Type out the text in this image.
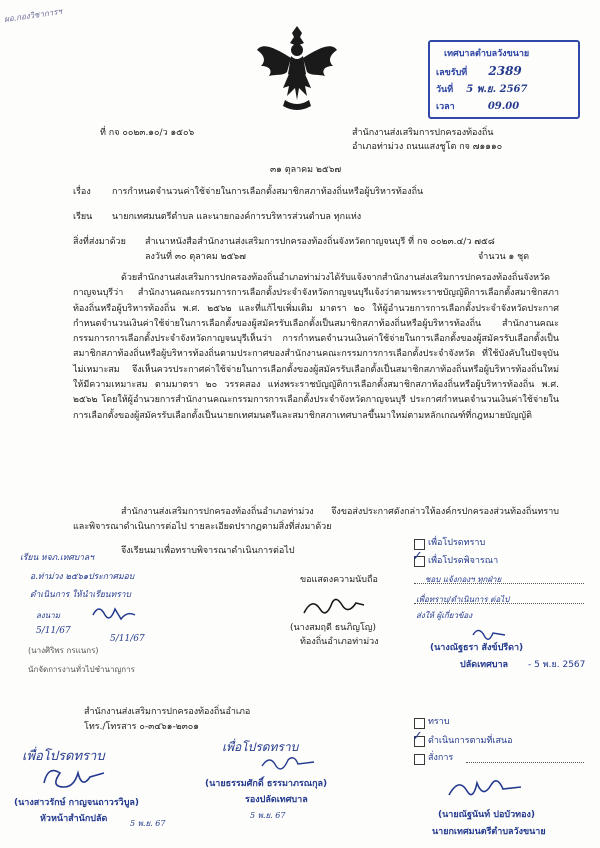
ผอ.กองวิชาการฯ
เทศบาลตำบลวังขนาย
เลขรับที่ 2389
วันที่ 5 พ.ย. 2567
เวลา	09.00
ที่ กจ ๐๐๒๓.๑๐/ว ๑๕๐๖	สำนักงานส่งเสริมการปกครองท้องถิ่น
อำเภอท่าม่วง ถนนแสงชูโต กจ ๗๑๑๑๐
๓๑ ตุลาคม ๒๕๖๗
เรื่อง การกำหนดจำนวนค่าใช้จ่ายในการเลือกตั้งสมาชิกสภาท้องถิ่นหรือผู้บริหารท้องถิ่น
เรียน นายกเทศมนตรีตำบล และนายกองค์การบริหารส่วนตำบล ทุกแห่ง
สิ่งที่ส่งมาด้วย สำเนาหนังสือสำนักงานส่งเสริมการปกครองท้องถิ่นจังหวัดกาญจนบุรี ที่ กจ ๐๐๒๓.๔/ว ๗๕๘
ลงวันที่ ๓๐ ตุลาคม ๒๕๖๗	จำนวน ๑ ชุด
ด้วยสำนักงานส่งเสริมการปกครองท้องถิ่นอำเภอท่าม่วงได้รับแจ้งจากสำนักงานส่งเสริมการปกครองท้องถิ่นจังหวัดกาญจนบุรีว่า สำนักงานคณะกรรมการการเลือกตั้งประจำจังหวัดกาญจนบุรีแจ้งว่าตามพระราชบัญญัติการเลือกตั้งสมาชิกสภาท้องถิ่นหรือผู้บริหารท้องถิ่น พ.ศ. ๒๕๖๒ และที่แก้ไขเพิ่มเติม มาตรา ๒๐ ให้ผู้อำนวยการการเลือกตั้งประจำจังหวัดประกาศกำหนดจำนวนเงินค่าใช้จ่ายในการเลือกตั้งของผู้สมัครรับเลือกตั้งเป็นสมาชิกสภาท้องถิ่นหรือผู้บริหารท้องถิ่น สำนักงานคณะกรรมการการเลือกตั้งประจำจังหวัดกาญจนบุรีเห็นว่า การกำหนดจำนวนเงินค่าใช้จ่ายในการเลือกตั้งของผู้สมัครรับเลือกตั้งเป็นสมาชิกสภาท้องถิ่นหรือผู้บริหารท้องถิ่นตามประกาศของสำนักงานคณะกรรมการการเลือกตั้งประจำจังหวัด ที่ใช้บังคับในปัจจุบันไม่เหมาะสม จึงเห็นควรประกาศค่าใช้จ่ายในการเลือกตั้งของผู้สมัครรับเลือกตั้งเป็นสมาชิกสภาท้องถิ่นหรือผู้บริหารท้องถิ่นใหม่ให้มีความเหมาะสม ตามมาตรา ๒๐ วรรคสอง แห่งพระราชบัญญัติการเลือกตั้งสมาชิกสภาท้องถิ่นหรือผู้บริหารท้องถิ่น พ.ศ. ๒๕๖๒ โดยให้ผู้อำนวยการสำนักงานคณะกรรมการการเลือกตั้งประจำจังหวัดกาญจนบุรี ประกาศกำหนดจำนวนเงินค่าใช้จ่ายในการเลือกตั้งของผู้สมัครรับเลือกตั้งเป็นนายกเทศมนตรีและสมาชิกสภาเทศบาลขึ้นมาใหม่ตามหลักเกณฑ์ที่กฎหมายบัญญัติ
สำนักงานส่งเสริมการปกครองท้องถิ่นอำเภอท่าม่วง จึงขอส่งประกาศดังกล่าวให้องค์กรปกครองส่วนท้องถิ่นทราบและพิจารณาดำเนินการต่อไป รายละเอียดปรากฏตามสิ่งที่ส่งมาด้วย
จึงเรียนมาเพื่อทราบพิจารณาดำเนินการต่อไป
ขอแสดงความนับถือ
(นางสมฤดี ธนภิญโญ)
ท้องถิ่นอำเภอท่าม่วง
เรียน หจภ.เทศบาลฯ
อ.ท่าม่วง ๒๕๖๑ประกาศมอบ
ดำเนินการ ให้นำเรียนทราบ
ลงนาม
5/11/67
5/11/67
(นางศิริพร กรแนกร)
นักจัดการงานทั่วไปชำนาญการ
เพื่อโปรดทราบ
✓ เพื่อโปรดพิจารณา
ชอบ แจ้งกองฯ ทุกฝ่าย
เพื่อทราบ/ดำเนินการ ต่อไป
ส่งให้ ผู้เกี่ยวข้อง
(นางณัฐธรา สังข์ปรีดา)
ปลัดเทศบาล - 5 พ.ย. 2567
สำนักงานส่งเสริมการปกครองท้องถิ่นอำเภอ
โทร./โทรสาร ๐-๓๔๖๑-๒๓๐๑
เพื่อโปรดทราบ
(นางสาวรักษ์ กาญจนถาวรวิบูล)
หัวหน้าสำนักปลัด	5 พ.ย. 67
เพื่อโปรดทราบ
(นายธรรมศักดิ์ ธรรมาภรณกุล)
รองปลัดเทศบาล
5 พ.ย. 67
ทราบ
✓ ดำเนินการตามที่เสนอ
สั่งการ
(นายณัฐนันท์ ปอบัวทอง)
นายกเทศมนตรีตำบลวังขนาย
